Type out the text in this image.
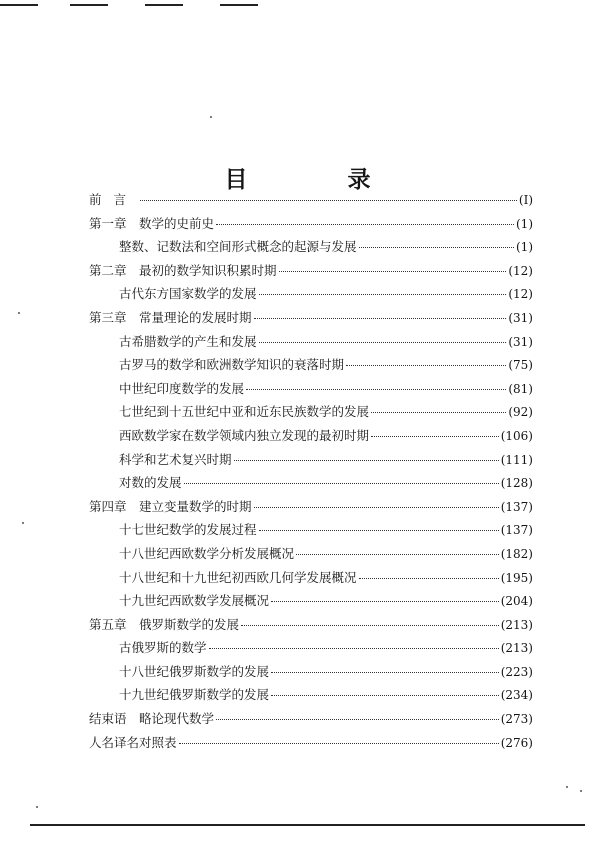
目 录
前言	(Ⅰ)
第一章 数学的史前史	(1)
整数、记数法和空间形式概念的起源与发展	(1)
第二章 最初的数学知识积累时期	(12)
古代东方国家数学的发展	(12)
第三章 常量理论的发展时期	(31)
古希腊数学的产生和发展	(31)
古罗马的数学和欧洲数学知识的衰落时期	(75)
中世纪印度数学的发展	(81)
七世纪到十五世纪中亚和近东民族数学的发展	(92)
西欧数学家在数学领域内独立发现的最初时期	(106)
科学和艺术复兴时期	(111)
对数的发展	(128)
第四章 建立变量数学的时期	(137)
十七世纪数学的发展过程	(137)
十八世纪西欧数学分析发展概况	(182)
十八世纪和十九世纪初西欧几何学发展概况	(195)
十九世纪西欧数学发展概况	(204)
第五章 俄罗斯数学的发展	(213)
古俄罗斯的数学	(213)
十八世纪俄罗斯数学的发展	(223)
十九世纪俄罗斯数学的发展	(234)
结束语 略论现代数学	(273)
人名译名对照表	(276)
